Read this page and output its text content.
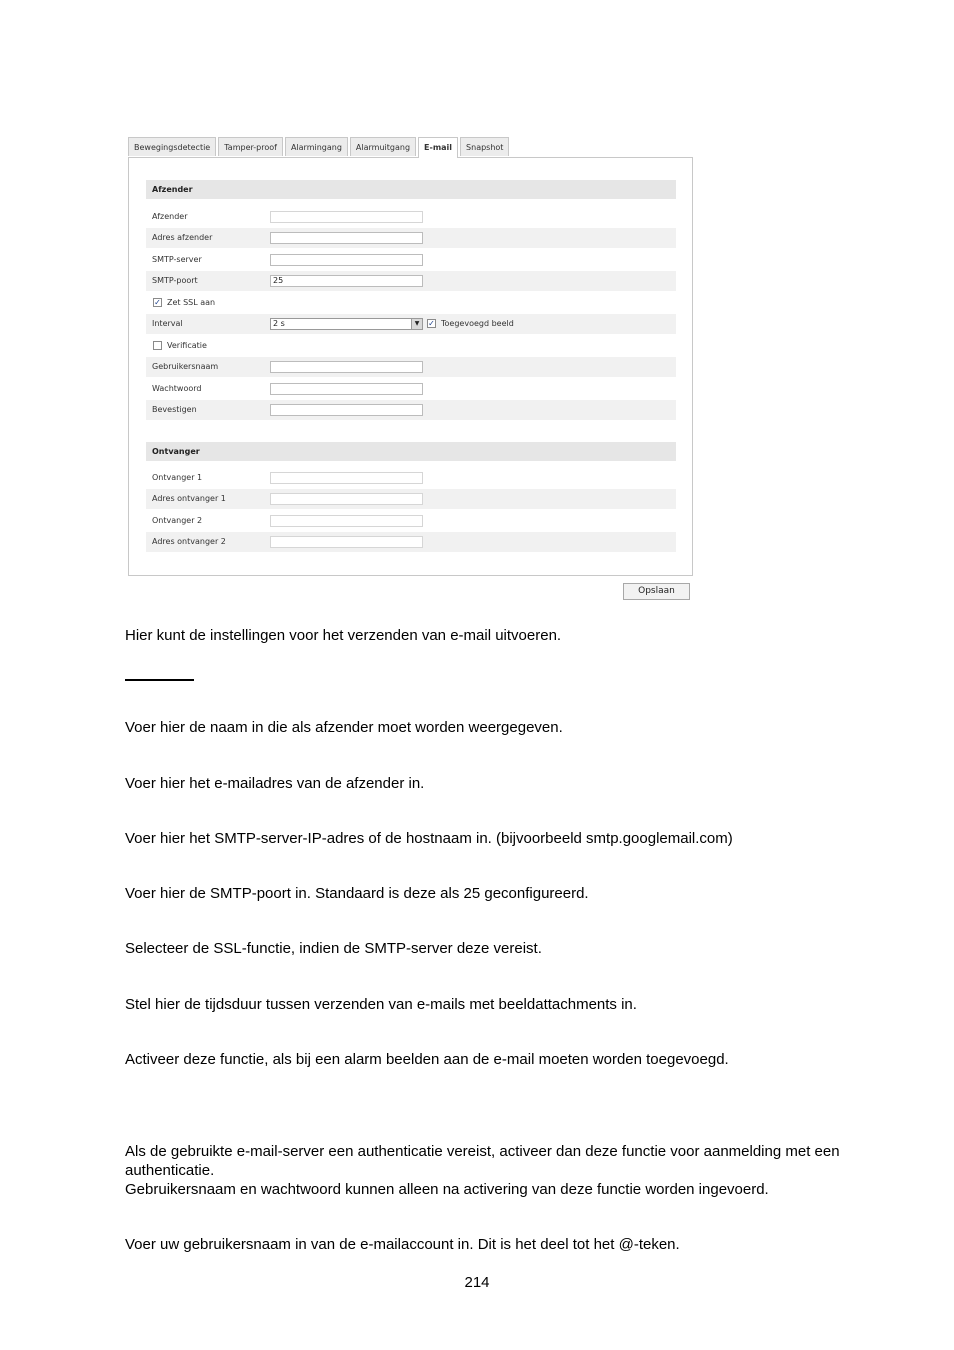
Bewegingsdetectie	Tamper-proof	Alarmingang	Alarmuitgang	E-mail	Snapshot
Afzender
Afzender
Adres afzender
SMTP-server
SMTP-poort	25
✓ Zet SSL aan
Interval	2 s	▼	✓ Toegevoegd beeld
Verificatie
Gebruikersnaam
Wachtwoord
Bevestigen
Ontvanger
Ontvanger 1
Adres ontvanger 1
Ontvanger 2
Adres ontvanger 2
Opslaan
Hier kunt de instellingen voor het verzenden van e-mail uitvoeren.
Voer hier de naam in die als afzender moet worden weergegeven.
Voer hier het e-mailadres van de afzender in.
Voer hier het SMTP-server-IP-adres of de hostnaam in. (bijvoorbeeld smtp.googlemail.com)
Voer hier de SMTP-poort in. Standaard is deze als 25 geconfigureerd.
Selecteer de SSL-functie, indien de SMTP-server deze vereist.
Stel hier de tijdsduur tussen verzenden van e-mails met beeldattachments in.
Activeer deze functie, als bij een alarm beelden aan de e-mail moeten worden toegevoegd.
Als de gebruikte e-mail-server een authenticatie vereist, activeer dan deze functie voor aanmelding met een authenticatie.
Gebruikersnaam en wachtwoord kunnen alleen na activering van deze functie worden ingevoerd.
Voer uw gebruikersnaam in van de e-mailaccount in. Dit is het deel tot het @-teken.
214
